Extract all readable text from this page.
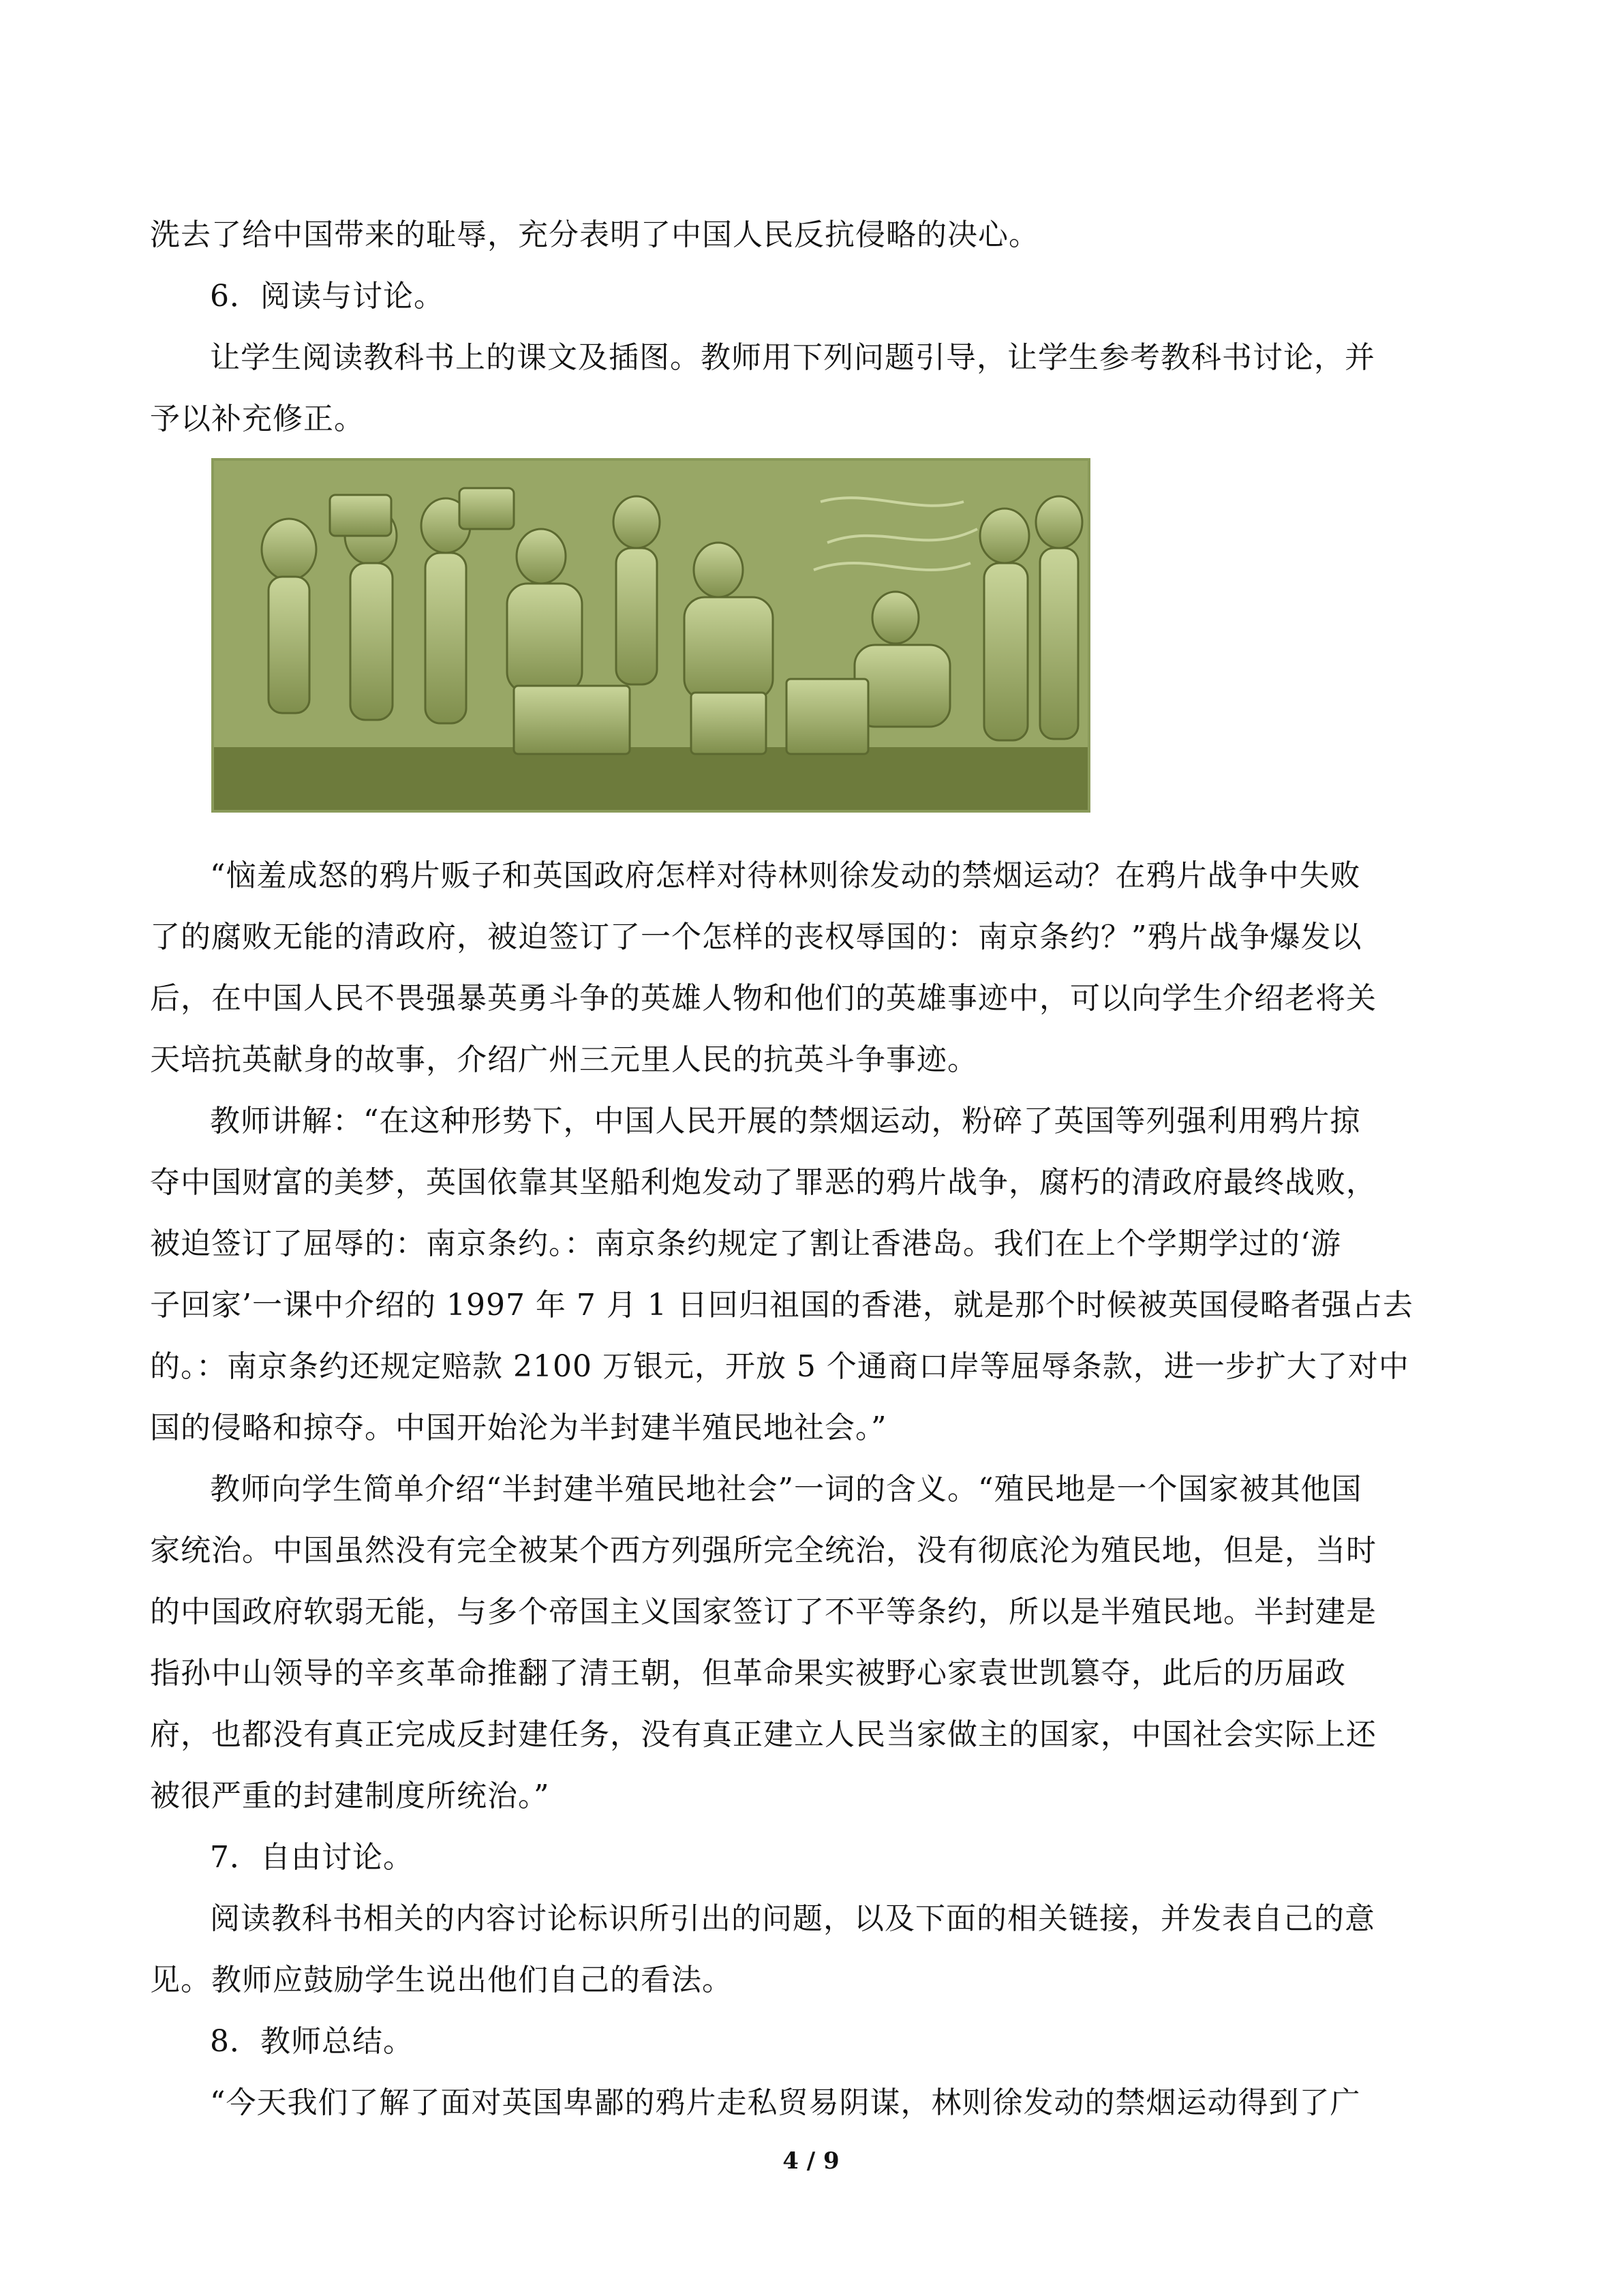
洗去了给中国带来的耻辱，充分表明了中国人民反抗侵略的决心。

6．阅读与讨论。

让学生阅读教科书上的课文及插图。教师用下列问题引导，让学生参考教科书讨论，并
予以补充修正。

“恼羞成怒的鸦片贩子和英国政府怎样对待林则徐发动的禁烟运动？在鸦片战争中失败
了的腐败无能的清政府，被迫签订了一个怎样的丧权辱国的：南京条约？”鸦片战争爆发以
后，在中国人民不畏强暴英勇斗争的英雄人物和他们的英雄事迹中，可以向学生介绍老将关
天培抗英献身的故事，介绍广州三元里人民的抗英斗争事迹。

教师讲解：“在这种形势下，中国人民开展的禁烟运动，粉碎了英国等列强利用鸦片掠
夺中国财富的美梦，英国依靠其坚船利炮发动了罪恶的鸦片战争，腐朽的清政府最终战败，
被迫签订了屈辱的：南京条约。：南京条约规定了割让香港岛。我们在上个学期学过的‘游
子回家’一课中介绍的 1997 年 7 月 1 日回归祖国的香港，就是那个时候被英国侵略者强占去
的。：南京条约还规定赔款 2100 万银元，开放 5 个通商口岸等屈辱条款，进一步扩大了对中
国的侵略和掠夺。中国开始沦为半封建半殖民地社会。”

教师向学生简单介绍“半封建半殖民地社会”一词的含义。“殖民地是一个国家被其他国
家统治。中国虽然没有完全被某个西方列强所完全统治，没有彻底沦为殖民地，但是，当时
的中国政府软弱无能，与多个帝国主义国家签订了不平等条约，所以是半殖民地。半封建是
指孙中山领导的辛亥革命推翻了清王朝，但革命果实被野心家袁世凯篡夺，此后的历届政
府，也都没有真正完成反封建任务，没有真正建立人民当家做主的国家，中国社会实际上还
被很严重的封建制度所统治。”

7．自由讨论。

阅读教科书相关的内容讨论标识所引出的问题，以及下面的相关链接，并发表自己的意
见。教师应鼓励学生说出他们自己的看法。

8．教师总结。

“今天我们了解了面对英国卑鄙的鸦片走私贸易阴谋，林则徐发动的禁烟运动得到了广

4 / 9
